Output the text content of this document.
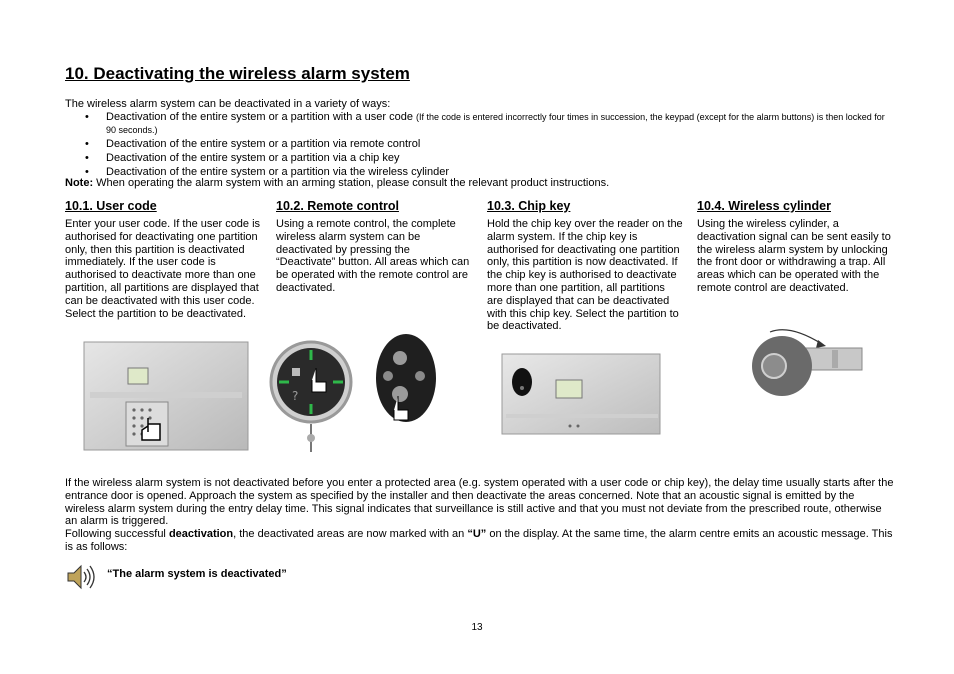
10. Deactivating the wireless alarm system
The wireless alarm system can be deactivated in a variety of ways:
• Deactivation of the entire system or a partition with a user code (If the code is entered incorrectly four times in succession, the keypad (except for the alarm buttons) is then locked for 90 seconds.)
• Deactivation of the entire system or a partition via remote control
• Deactivation of the entire system or a partition via a chip key
• Deactivation of the entire system or a partition via the wireless cylinder
Note: When operating the alarm system with an arming station, please consult the relevant product instructions.
10.1. User code

Enter your user code. If the user code is authorised for deactivating one partition only, then this partition is deactivated immediately. If the user code is authorised to deactivate more than one partition, all partitions are displayed that can be deactivated with this user code. Select the partition to be deactivated.

10.2. Remote control

Using a remote control, the complete wireless alarm system can be deactivated by pressing the “Deactivate” button. All areas which can be operated with the remote control are deactivated.

10.3. Chip key

Hold the chip key over the reader on the alarm system. If the chip key is authorised for deactivating one partition only, this partition is now deactivated. If the chip key is authorised to deactivate more than one partition, all partitions are displayed that can be deactivated with this chip key. Select the partition to be deactivated.

10.4. Wireless cylinder

Using the wireless cylinder, a deactivation signal can be sent easily to the wireless alarm system by unlocking the front door or withdrawing a trap. All areas which can be operated with the remote control are deactivated.

?

If the wireless alarm system is not deactivated before you enter a protected area (e.g. system operated with a user code or chip key), the delay time usually starts after the entrance door is opened. Approach the system as specified by the installer and then deactivate the areas concerned. Note that an acoustic signal is emitted by the wireless alarm system during the entry delay time. This signal indicates that surveillance is still active and that you must not deviate from the prescribed route, otherwise an alarm is triggered.

Following successful deactivation, the deactivated areas are now marked with an “U” on the display. At the same time, the alarm centre emits an acoustic message. This is as follows:

“The alarm system is deactivated”
13
